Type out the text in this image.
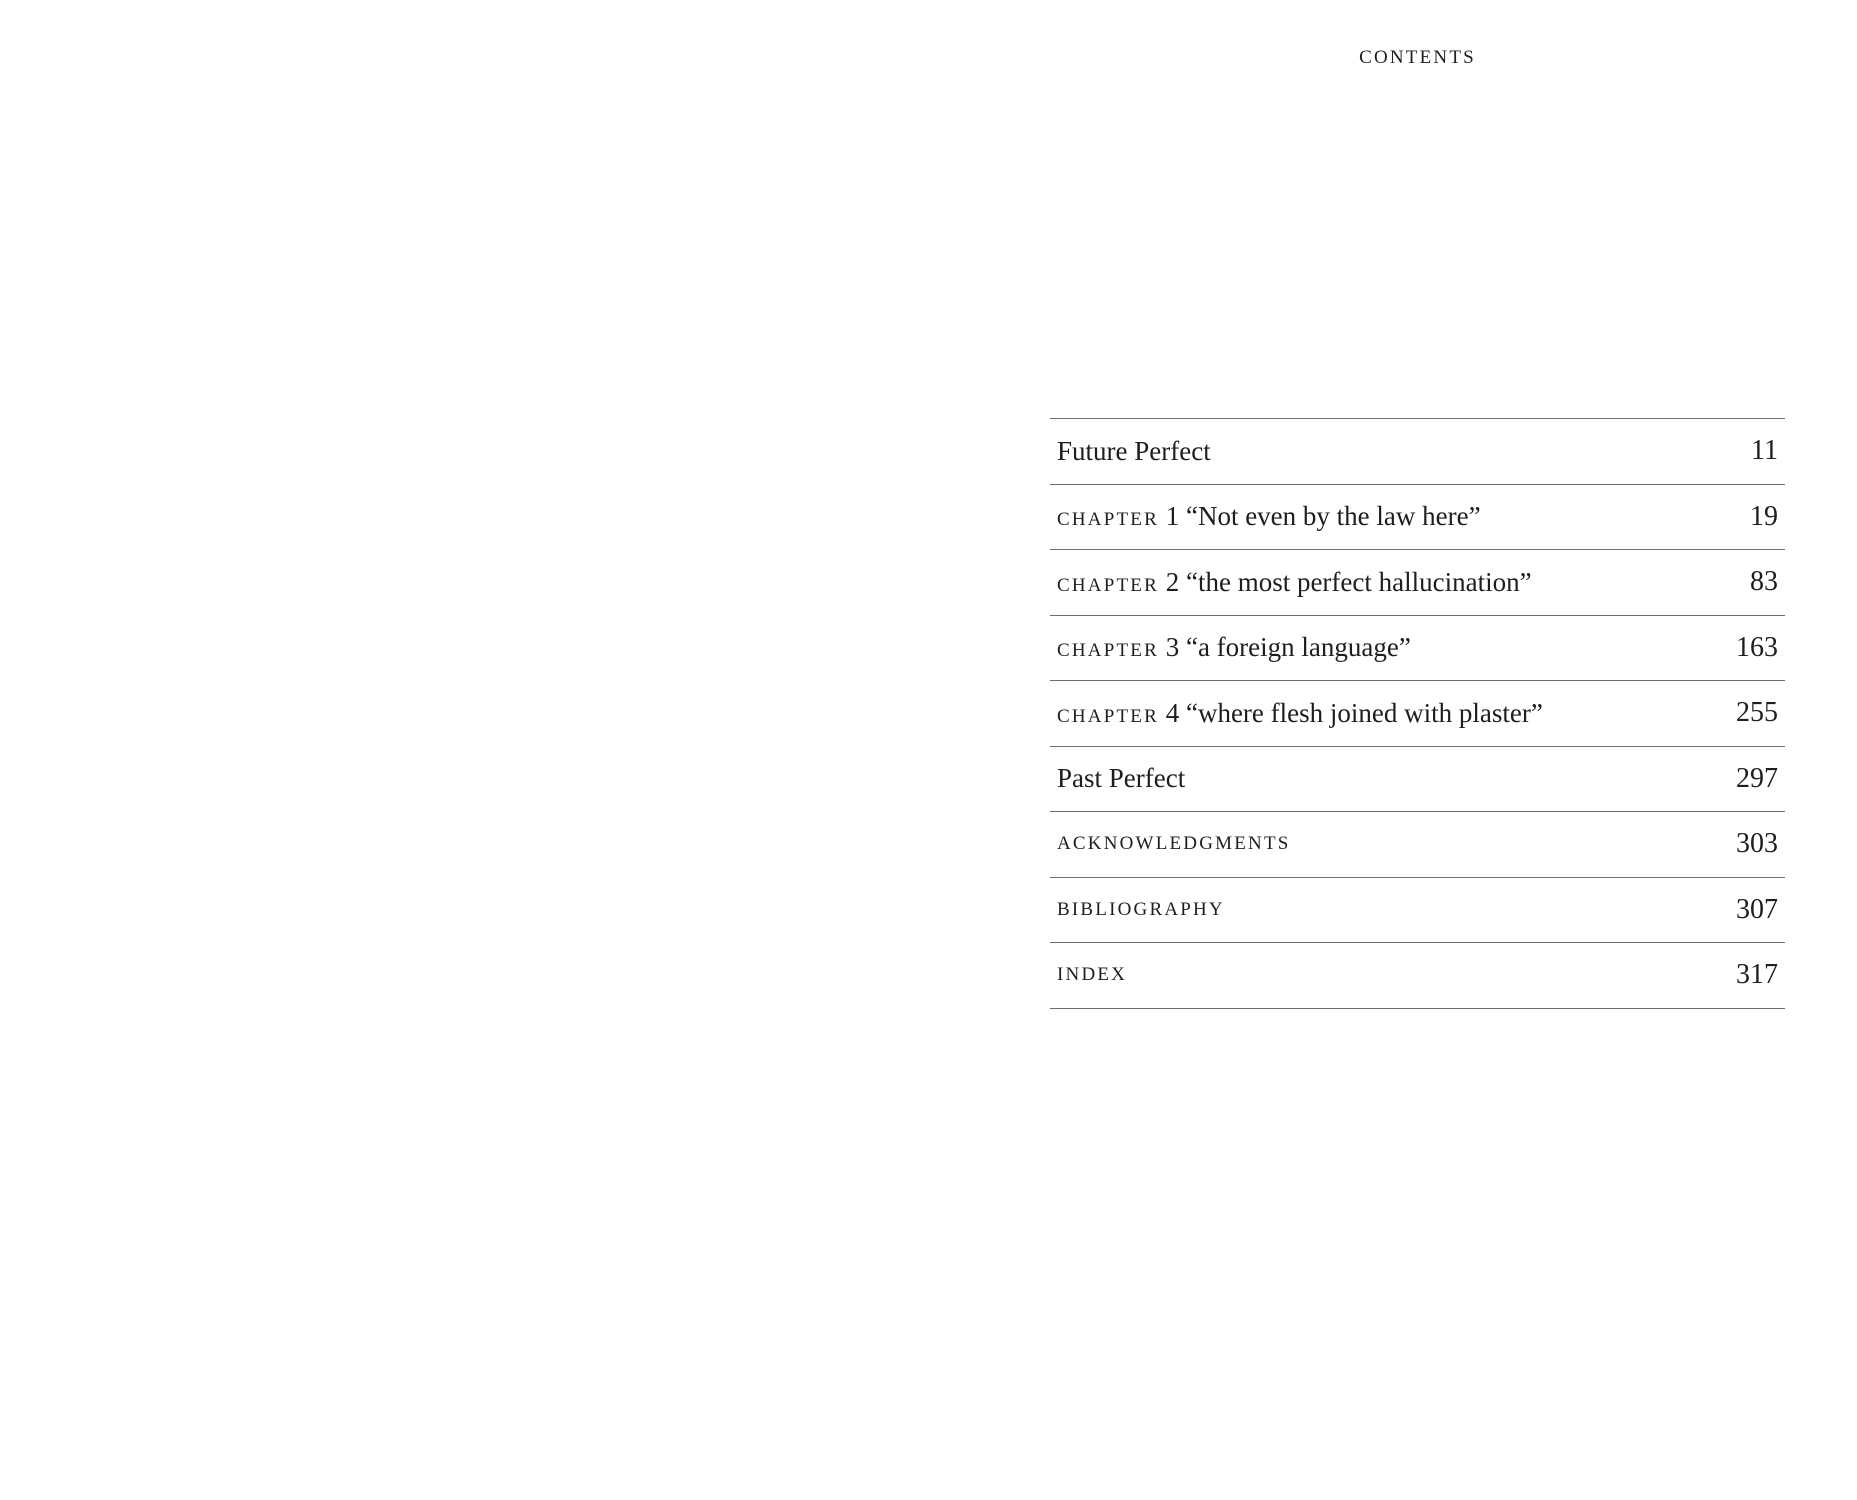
CONTENTS
Future Perfect	11
CHAPTER 1 “Not even by the law here”	19
CHAPTER 2 “the most perfect hallucination”	83
CHAPTER 3 “a foreign language”	163
CHAPTER 4 “where flesh joined with plaster”	255
Past Perfect	297
ACKNOWLEDGMENTS	303
BIBLIOGRAPHY	307
INDEX	317
